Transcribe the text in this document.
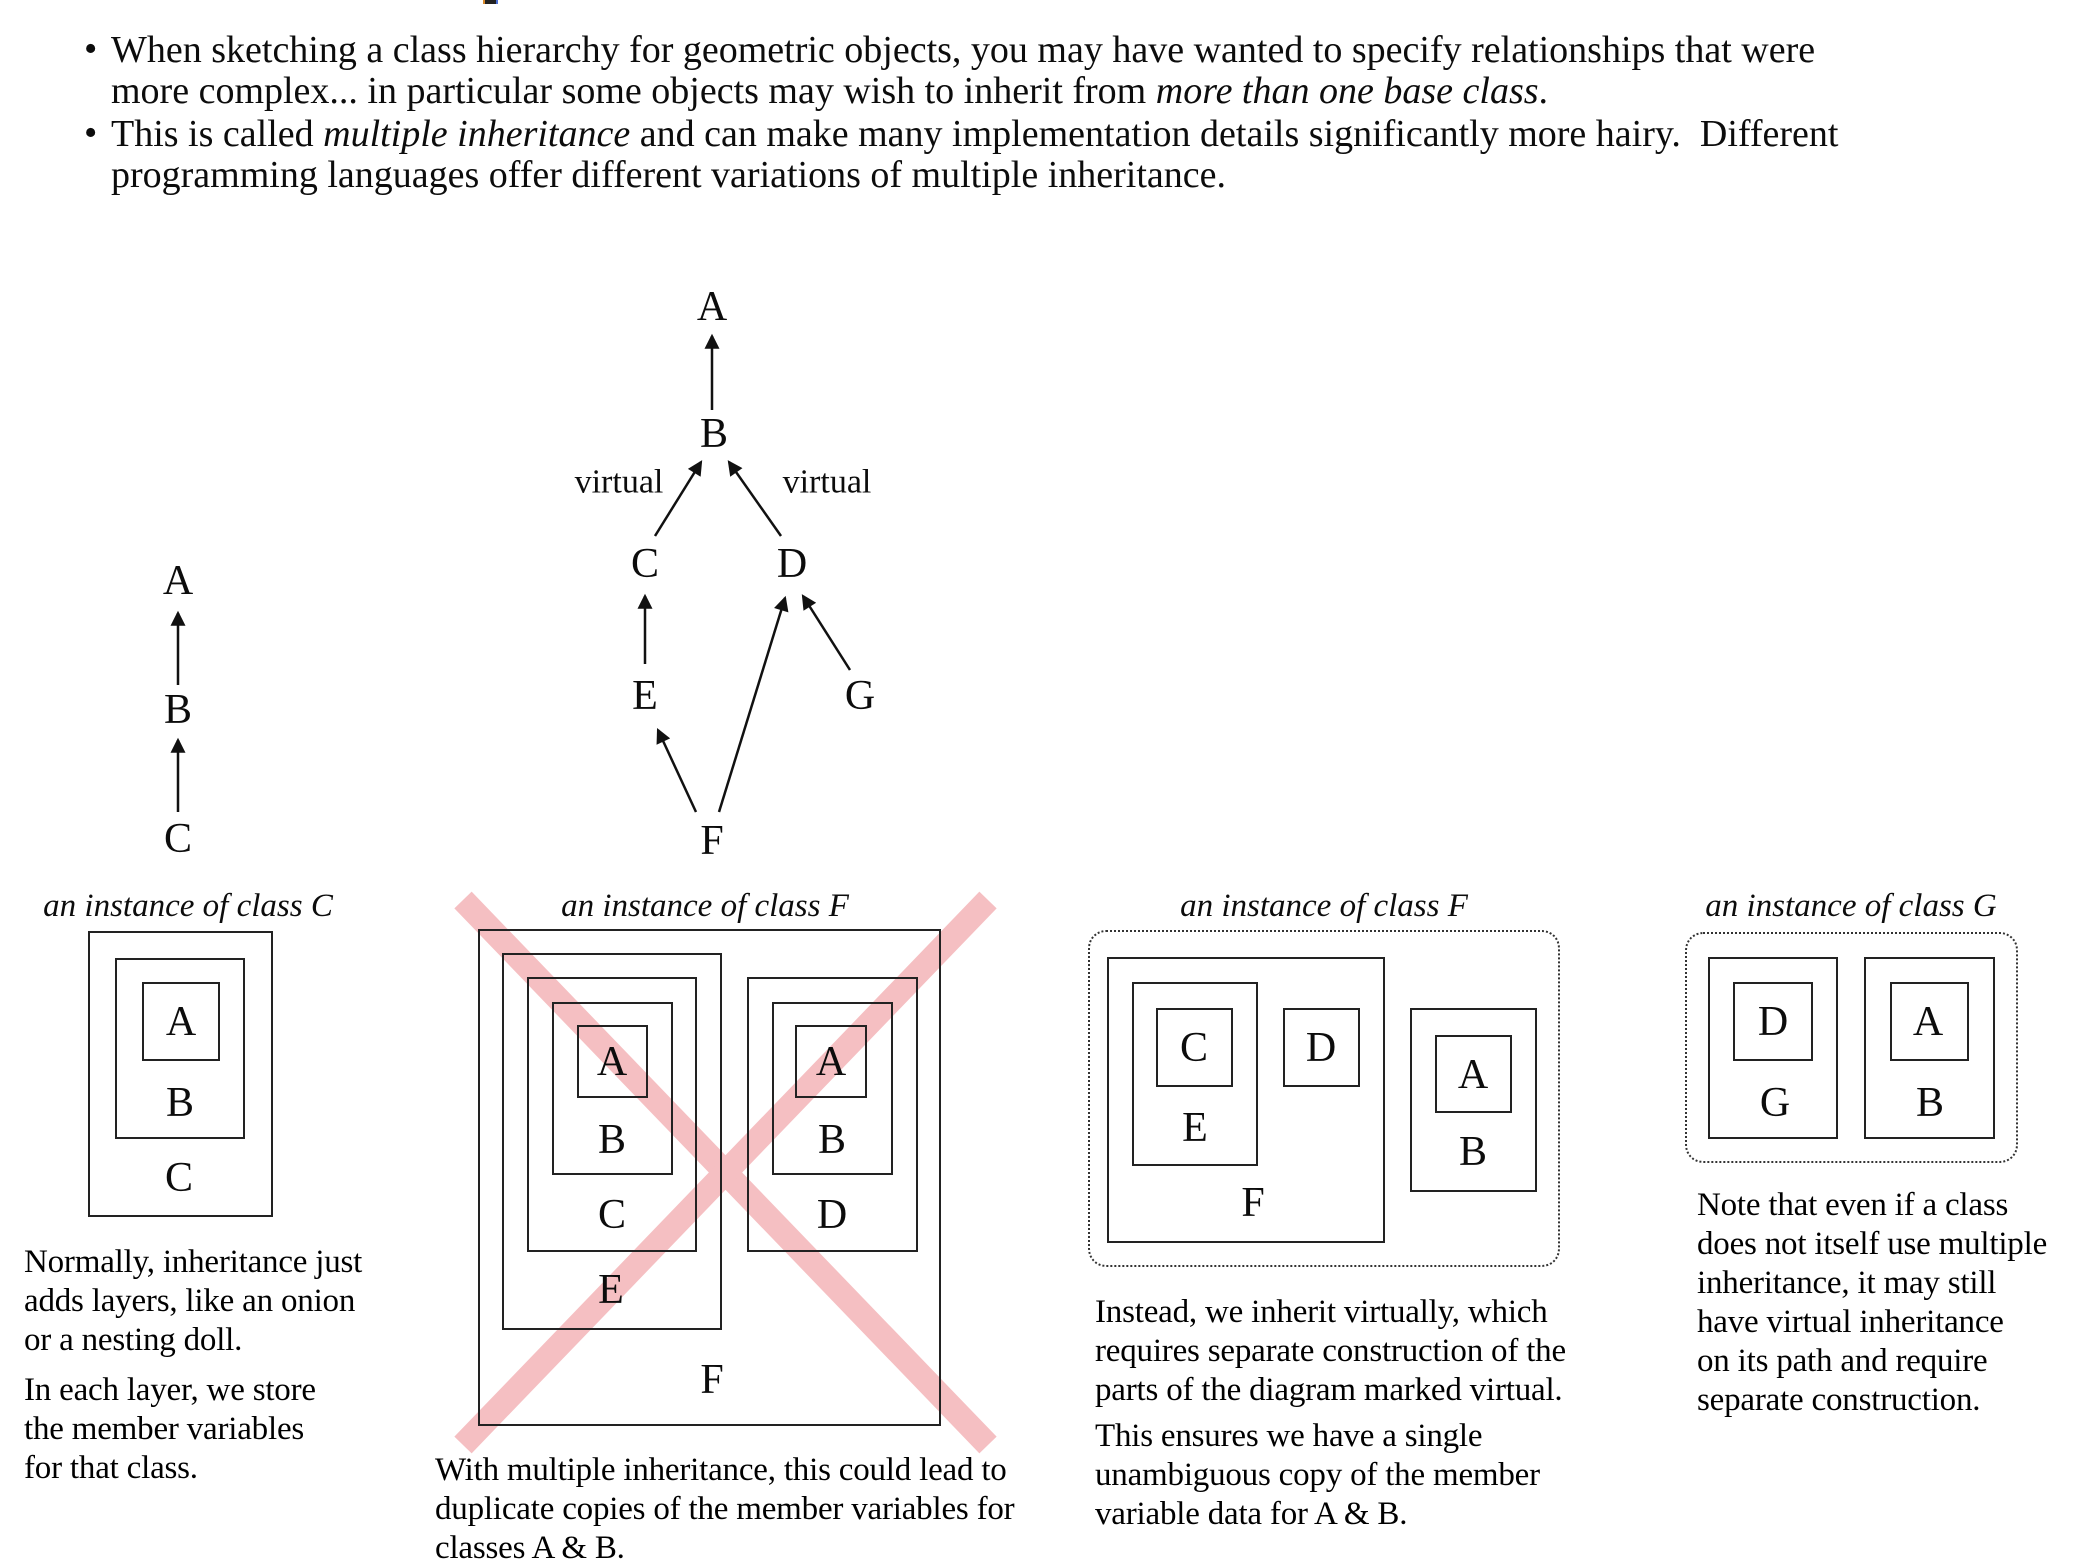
• When sketching a class hierarchy for geometric objects, you may have wanted to specify relationships that were
more complex... in particular some objects may wish to inherit from more than one base class.
• This is called multiple inheritance and can make many implementation details significantly more hairy.  Different
programming languages offer different variations of multiple inheritance.
A
B
C
A
B
C	D
E	G
F
virtual	virtual
an instance of class C
A
B
C
an instance of class F
A
B
C
E
A
B
D
F
an instance of class F
C D
E
F
A
B
an instance of class G
D
G
A
B
Normally, inheritance just
adds layers, like an onion
or a nesting doll.
In each layer, we store
the member variables
for that class.	With multiple inheritance, this could lead to
duplicate copies of the member variables for
classes A & B.
Instead, we inherit virtually, which
requires separate construction of the
parts of the diagram marked virtual.
This ensures we have a single
unambiguous copy of the member
variable data for A & B.
Note that even if a class
does not itself use multiple
inheritance, it may still
have virtual inheritance
on its path and require
separate construction.
